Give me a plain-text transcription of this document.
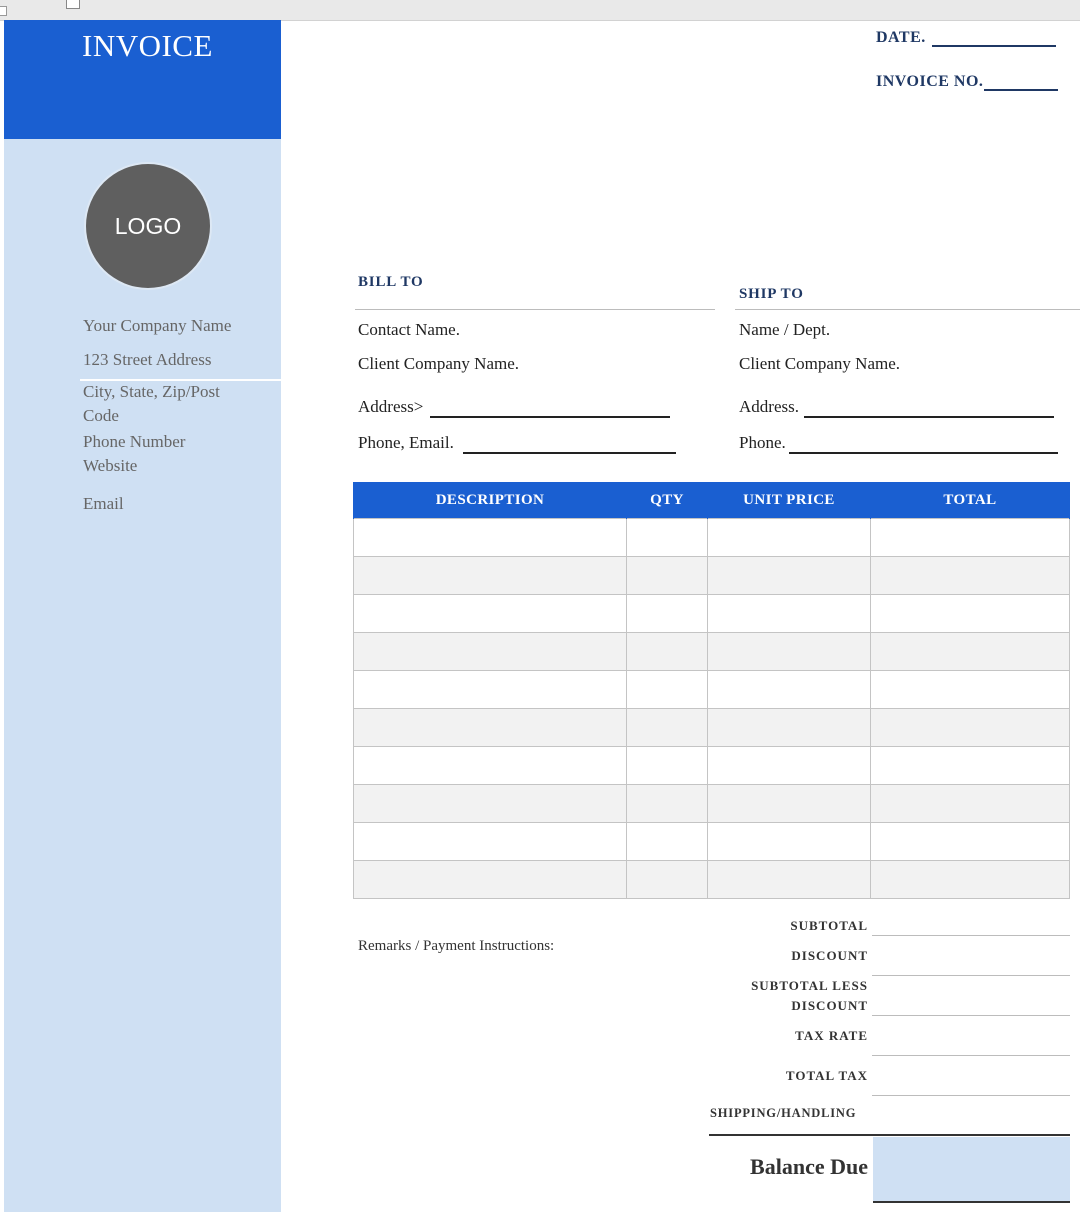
INVOICE
LOGO
Your Company Name
123 Street Address
City, State, Zip/Post
Code
Phone Number
Website
Email
DATE.
INVOICE NO.
BILL TO
Contact Name.
Client Company Name.
Address>
Phone, Email.
SHIP TO
Name / Dept.
Client Company Name.
Address.
Phone.
DESCRIPTION	QTY	UNIT PRICE	TOTAL

Remarks / Payment Instructions:
SUBTOTAL
DISCOUNT
SUBTOTAL LESS
DISCOUNT
TAX RATE
TOTAL TAX
SHIPPING/HANDLING
Balance Due
